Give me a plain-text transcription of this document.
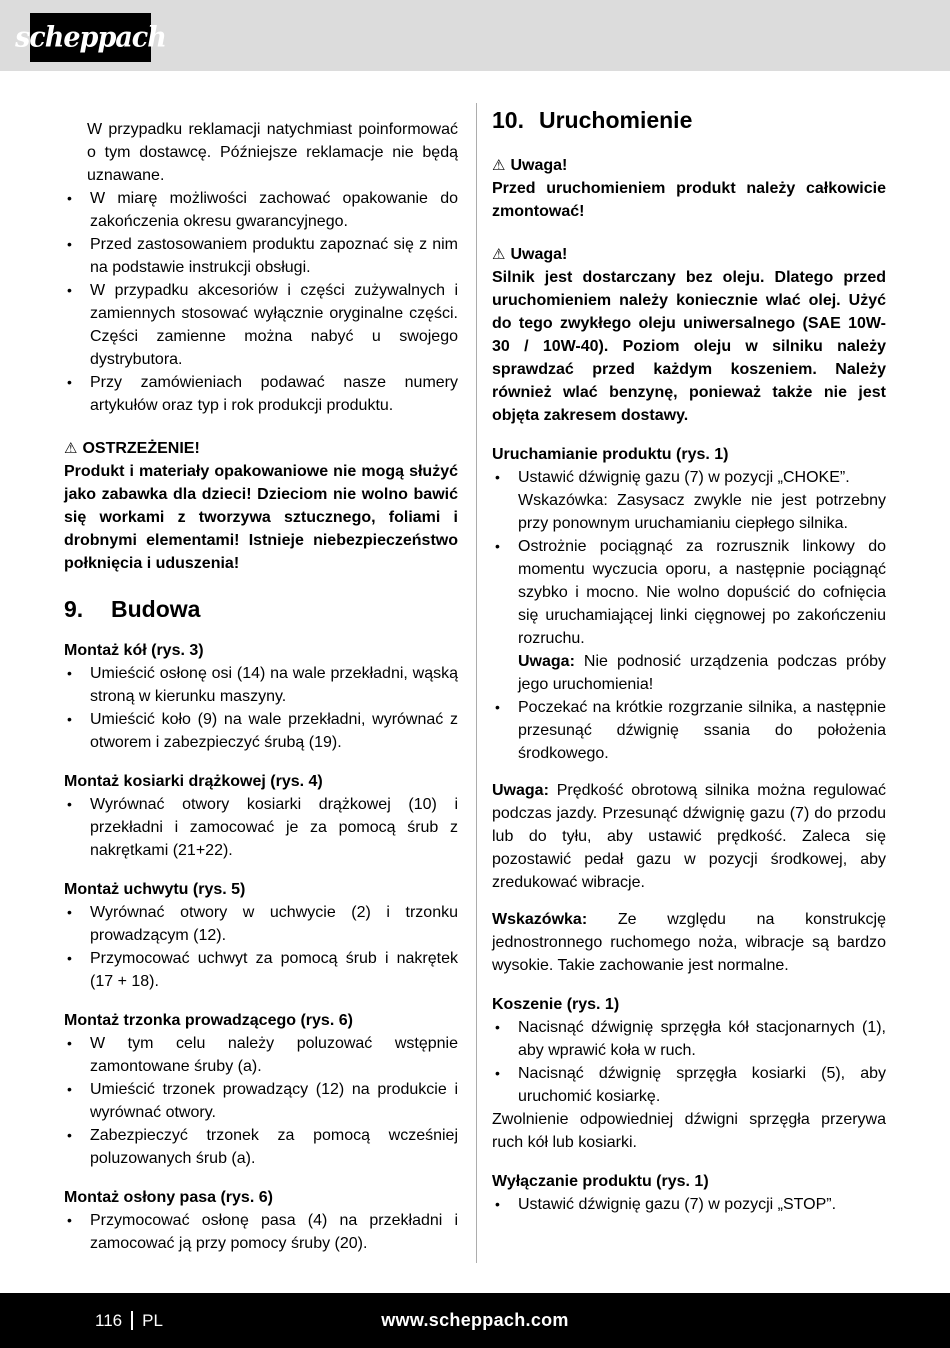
scheppach
W przypadku reklamacji natychmiast poinformować o tym dostawcę. Późniejsze reklamacje nie będą uznawane.
•	W miarę możliwości zachować opakowanie do zakończenia okresu gwarancyjnego.
•	Przed zastosowaniem produktu zapoznać się z nim na podstawie instrukcji obsługi.
•	W przypadku akcesoriów i części zużywalnych i zamiennych stosować wyłącznie oryginalne części. Części zamienne można nabyć u swojego dystrybutora.
•	Przy zamówieniach podawać nasze numery artykułów oraz typ i rok produkcji produktu.
⚠ OSTRZEŻENIE!
Produkt i materiały opakowaniowe nie mogą służyć jako zabawka dla dzieci! Dzieciom nie wolno bawić się workami z tworzywa sztucznego, foliami i drobnymi elementami! Istnieje niebezpieczeństwo połknięcia i uduszenia!
9.	Budowa
Montaż kół (rys. 3)
•	Umieścić osłonę osi (14) na wale przekładni, wąską stroną w kierunku maszyny.
•	Umieścić koło (9) na wale przekładni, wyrównać z otworem i zabezpieczyć śrubą (19).
Montaż kosiarki drążkowej (rys. 4)
•	Wyrównać otwory kosiarki drążkowej (10) i przekładni i zamocować je za pomocą śrub z nakrętkami (21+22).
Montaż uchwytu (rys. 5)
•	Wyrównać otwory w uchwycie (2) i trzonku prowadzącym (12).
•	Przymocować uchwyt za pomocą śrub i nakrętek (17 + 18).
Montaż trzonka prowadzącego (rys. 6)
•	W tym celu należy poluzować wstępnie zamontowane śruby (a).
•	Umieścić trzonek prowadzący (12) na produkcie i wyrównać otwory.
•	Zabezpieczyć trzonek za pomocą wcześniej poluzowanych śrub (a).
Montaż osłony pasa (rys. 6)
•	Przymocować osłonę pasa (4) na przekładni i zamocować ją przy pomocy śruby (20).
10. Uruchomienie
⚠ Uwaga!
Przed uruchomieniem produkt należy całkowicie zmontować!
⚠ Uwaga!
Silnik jest dostarczany bez oleju. Dlatego przed uruchomieniem należy koniecznie wlać olej. Użyć do tego zwykłego oleju uniwersalnego (SAE 10W-30 / 10W-40). Poziom oleju w silniku należy sprawdzać przed każdym koszeniem. Należy również wlać benzynę, ponieważ także nie jest objęta zakresem dostawy.
Uruchamianie produktu (rys. 1)
•	Ustawić dźwignię gazu (7) w pozycji „CHOKE”.
Wskazówka: Zasysacz zwykle nie jest potrzebny przy ponownym uruchamianiu ciepłego silnika.
•	Ostrożnie pociągnąć za rozrusznik linkowy do momentu wyczucia oporu, a następnie pociągnąć szybko i mocno. Nie wolno dopuścić do cofnięcia się uruchamiającej linki cięgnowej po zakończeniu rozruchu.
Uwaga: Nie podnosić urządzenia podczas próby jego uruchomienia!
•	Poczekać na krótkie rozgrzanie silnika, a następnie przesunąć dźwignię ssania do położenia środkowego.
Uwaga: Prędkość obrotową silnika można regulować podczas jazdy. Przesunąć dźwignię gazu (7) do przodu lub do tyłu, aby ustawić prędkość. Zaleca się pozostawić pedał gazu w pozycji środkowej, aby zredukować wibracje.
Wskazówka: Ze względu na konstrukcję jednostronnego ruchomego noża, wibracje są bardzo wysokie. Takie zachowanie jest normalne.
Koszenie (rys. 1)
•	Nacisnąć dźwignię sprzęgła kół stacjonarnych (1), aby wprawić koła w ruch.
•	Nacisnąć dźwignię sprzęgła kosiarki (5), aby uruchomić kosiarkę.
Zwolnienie odpowiedniej dźwigni sprzęgła przerywa ruch kół lub kosiarki.
Wyłączanie produktu (rys. 1)
•	Ustawić dźwignię gazu (7) w pozycji „STOP”.
www.scheppach.com
116 PL
